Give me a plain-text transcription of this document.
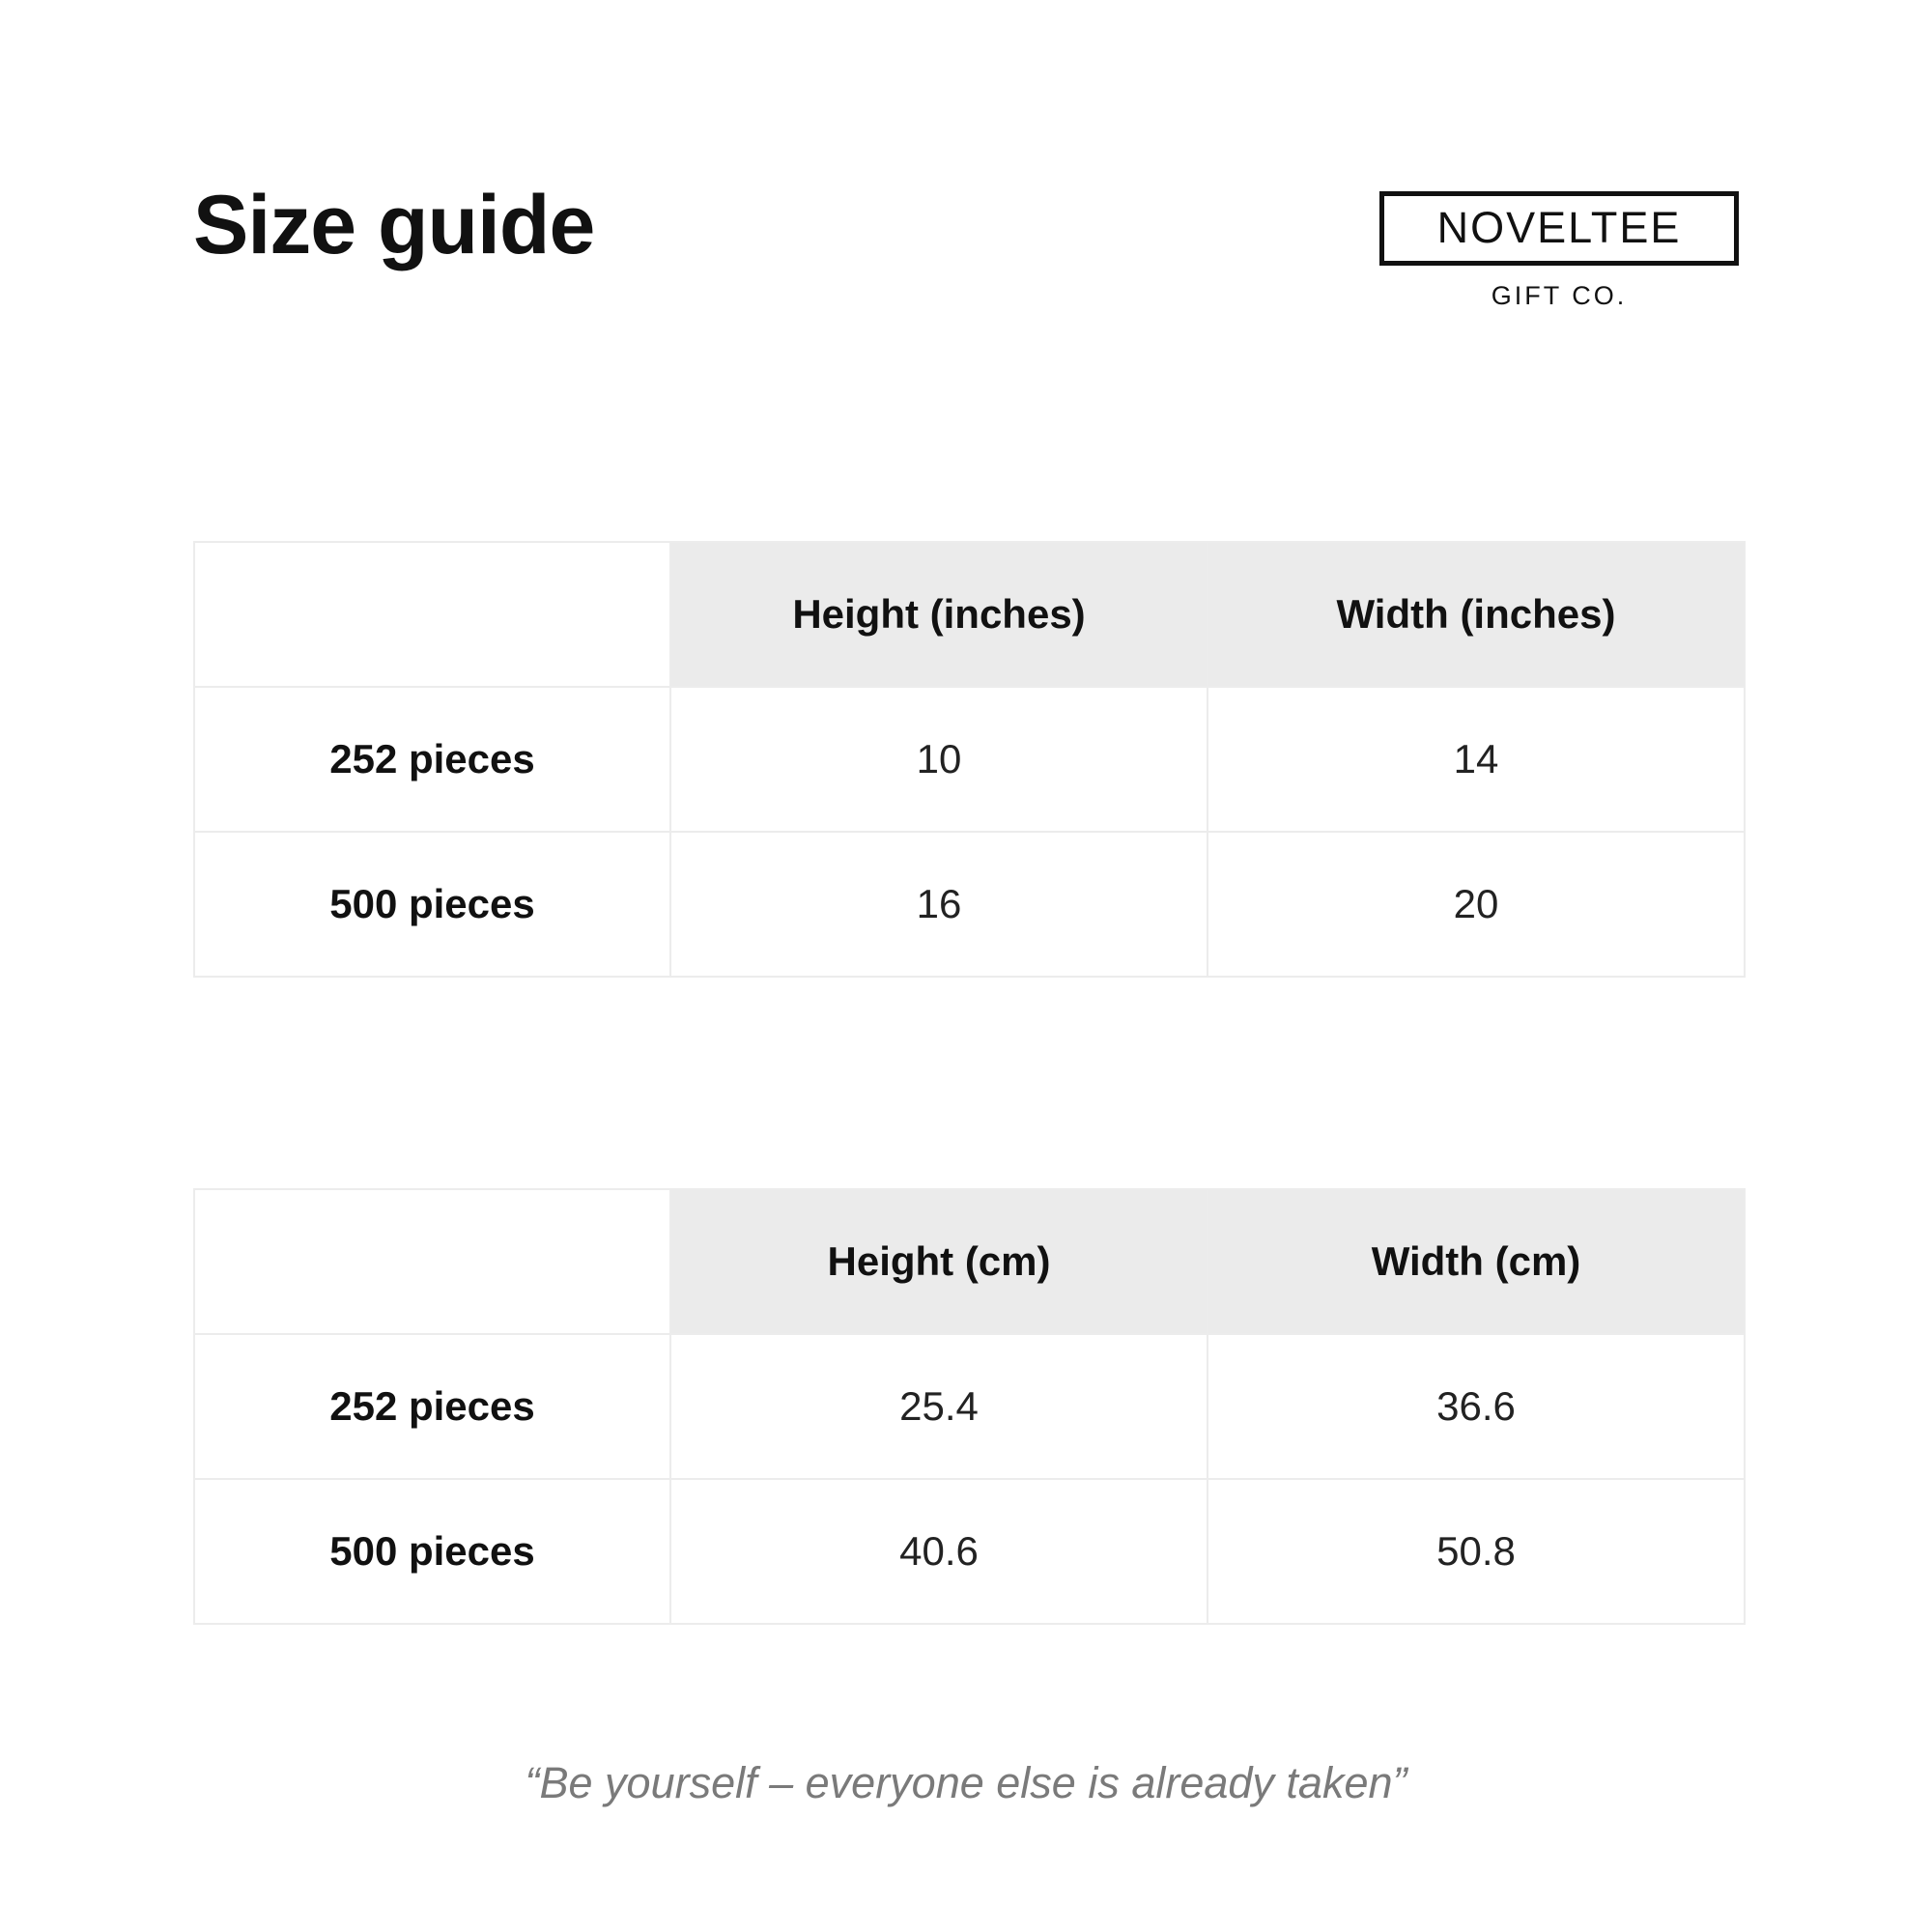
Size guide	NOVELTEE
GIFT CO.
	Height (inches)	Width (inches)
252 pieces	10	14
500 pieces	16	20
	Height (cm)	Width (cm)
252 pieces	25.4	36.6
500 pieces	40.6	50.8
“Be yourself – everyone else is already taken”
